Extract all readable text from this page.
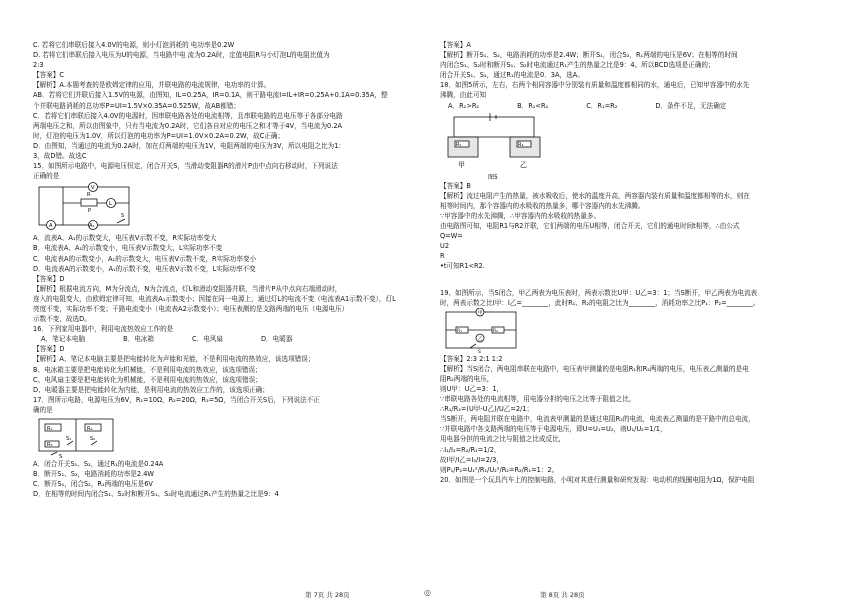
C. 若将它们串联后接入4.0V的电源，则小灯泡消耗的 电功率是0.2W
D. 若将它们串联后接入电压为U的电源，当电路中电 流为0.2A时，定值电阻R与小灯泡L的电阻比值为
2:3
【答案】C
【解析】A.本题考查的是欧姆定律的应用，并联电路的电流规律，电功率的计算。
AB．若将它们并联后接入1.5V的电源，由图知，IL=0.25A，IR=0.1A，则干路电流I=IL+IR=0.25A+0.1A=0.35A，整
个并联电路消耗的总功率P=UI=1.5V×0.35A=0.525W，故AB都错；
C．若将它们串联后接入4.0V的电源时，因串联电路各处的电流相等，且串联电路的总电压等于各部分电路
两端电压之和，所以由图象中，只有当电流为0.2A时，它们各自对应的电压之和才等于4V，当电流为0.2A
时，灯泡的电压为1.0V，所以灯泡的电功率为P=UI=1.0V×0.2A=0.2W，故C正确；
D．由图知，当通过的电流为0.2A时，加在灯两端的电压为1V，电阻两端的电压为3V，所以电阻之比为1：
3，故D错。故选C
15．如图所示电路中，电源电压恒定，闭合开关S，当滑动变阻器R的滑片P由中点向右移动时，下列说法
正确的是
S
R
A
V
L
A₁
P
A．流表A、A₁的示数变大，电压表V示数不变，R实际功率变大
B．电流表A、A₁的示数变小，电压表V示数变大，L实际功率不变
C．电流表A的示数变小，A₁的示数变大，电压表V示数不变，R实际功率变小
D．电流表A的示数变小，A₁的示数不变，电压表V示数不变，L实际功率不变
【答案】D
【解析】根据电流方向，M为分流点，N为合流点，灯L和滑动变阻器并联，当滑片P从中点向右端滑动时，
连入的电阻变大，由欧姆定律可知，电流表A₁示数变小；因接在同一电源上，通过灯L的电流不变（电流表A1示数不变），灯L
亮度不变，实际功率不变；干路电流变小（电流表A2示数变小）；电压表测的是支路两端的电压（电源电压）
示数不变，故选D。
16．下列家用电器中，利用电流热效应工作的是
A．笔记本电脑	B．电冰箱	C．电风扇	D．电暖器
【答案】D
【解析】A、笔记本电脑主要是把电能转化为声能和光能，不是利用电流的热效应，该选项错误；
B、电冰箱主要是把电能转化为机械能，不是利用电流的热效应，该选项错误；
C、电风扇主要是把电能转化为机械能，不是利用电流的热效应，该选项错误；
D、电暖器主要是把电能转化为内能，是利用电流的热效应工作的，该选项正确；
17．图所示电路，电源电压为6V，R₁=10Ω，R₂=20Ω，R₃=5Ω，当闭合开关S后，下列说法不正
确的是
R₁	R₂
R₃
S₁	S₂
S
A．闭合开关S₁、S₂，通过R₁的电流是0.24A
B．断开S₁、S₂，电路消耗的功率是2.4W
C．断开S₁，闭合S₂，R₁两端的电压是6V
D．在相等的时间内闭合S₁、S₂时和断开S₁、S₂时电流通过R₁产生的热量之比是9：4
第 7页 共 28页	◎
【答案】A
【解析】断开S₁、S₂，电路消耗的功率是2.4W；断开S₁，闭合S₂，R₁两端的电压是6V；在相等的时间
内闭合S₁、S₂时和断开S₁、S₂时电流通过R₁产生的热量之比是9：4。所以BCD选项是正确的；
闭合开关S₁、S₂，通过R₁的电流是0．3A，选A。
18．如图5所示，左右，右两个相同容器中分别装有质量和温度都相同的水，通电后，已知甲容器中的水先
沸腾，由此可知
A．R₁>R₂	B．R₁<R₂	C．R₁=R₂	D．条件不足，无法确定
R₁	R₂
甲	乙
图5
【答案】B
【解析】流过电阻产生的热量，被水吸收后，使水的温度升高，两容器内装有质量和温度都相等的水，则在
相等时间内，那个容器内的水吸收的热量多，哪个容器内的水先沸腾。
∵甲容器中的水先沸腾，∴甲容器内的水吸收的热量多。
由电路图可知，电阻R1与R2并联，它们两端的电压U相等，闭合开关，它们的通电时间t相等，∴由公式
Q=W=
U2
R
•t可知R1<R2.
19、如图所示，当S闭合，甲乙两表为电压表时，两表示数比U甲：U乙=3：1；当S断开，甲乙两表为电流表
时，两表示数之比I甲：I乙=________，此时R₁、R₂的电阻之比为________，消耗功率之比P₁：P₂=________。
甲
乙
R₁	R₂
S
【答案】2:3 2:1 1:2
【解析】当S闭合，两电阻串联在电路中，电压表甲测量的是电阻R₁和R₂两端的电压，电压表乙测量的是电
阻R₂两端的电压，
则U甲：U乙=3：1，
∵串联电路各处的电流相等，用电器分担的电压之比等于阻值之比，
∴R₁/R₂=(U甲-U乙)/U乙=2/1；
当S断开，两电阻并联在电路中，电流表甲测量的是通过电阻R₂的电流，电流表乙测量的是干路中的总电流，
∵并联电路中各支路两端的电压等于电源电压，即U=U₁=U₂，则U₁/U₂=1/1，
用电器分担的电流之比与阻值之比成反比，
∴I₁/I₂=R₂/R₁=1/2，
故I甲/I乙=I₂/I=2/3，
则P₁/P₂=U₁²/R₁/U₂²/R₂=R₂/R₁=1：2。
20．如图是一个玩具汽车上的控制电路，小明对其进行测量和研究发现：电动机的线圈电阻为1Ω，保护电阻
第 8页 共 28页
